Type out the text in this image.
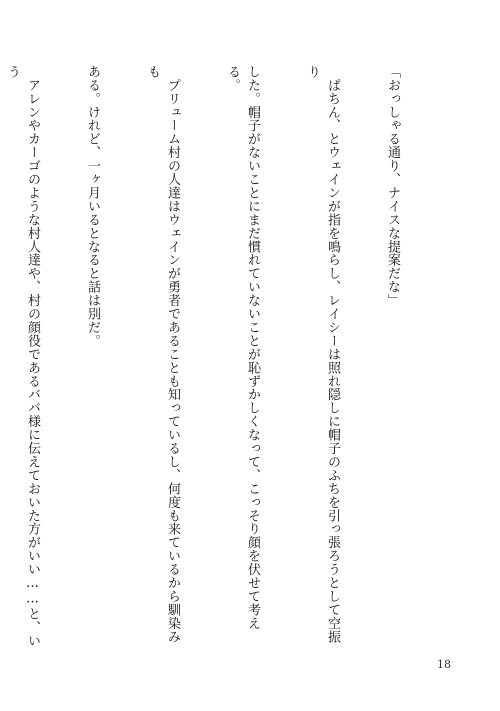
「おっしゃる通り、ナイスな提案だな」

　ぱちん、とウェインが指を鳴らし、レイシーは照れ隠しに帽子のふちを引っ張ろうとして空振り

した。帽子がないことにまだ慣れていないことが恥ずかしくなって、こっそり顔を伏せて考える。

　プリューム村の人達はウェインが勇者であることも知っているし、何度も来ているから馴染みも

ある。けれど、一ヶ月いるとなると話は別だ。

　アレンやカーゴのような村人達や、村の顔役であるババ様に伝えておいた方がいい……と、いう

18
